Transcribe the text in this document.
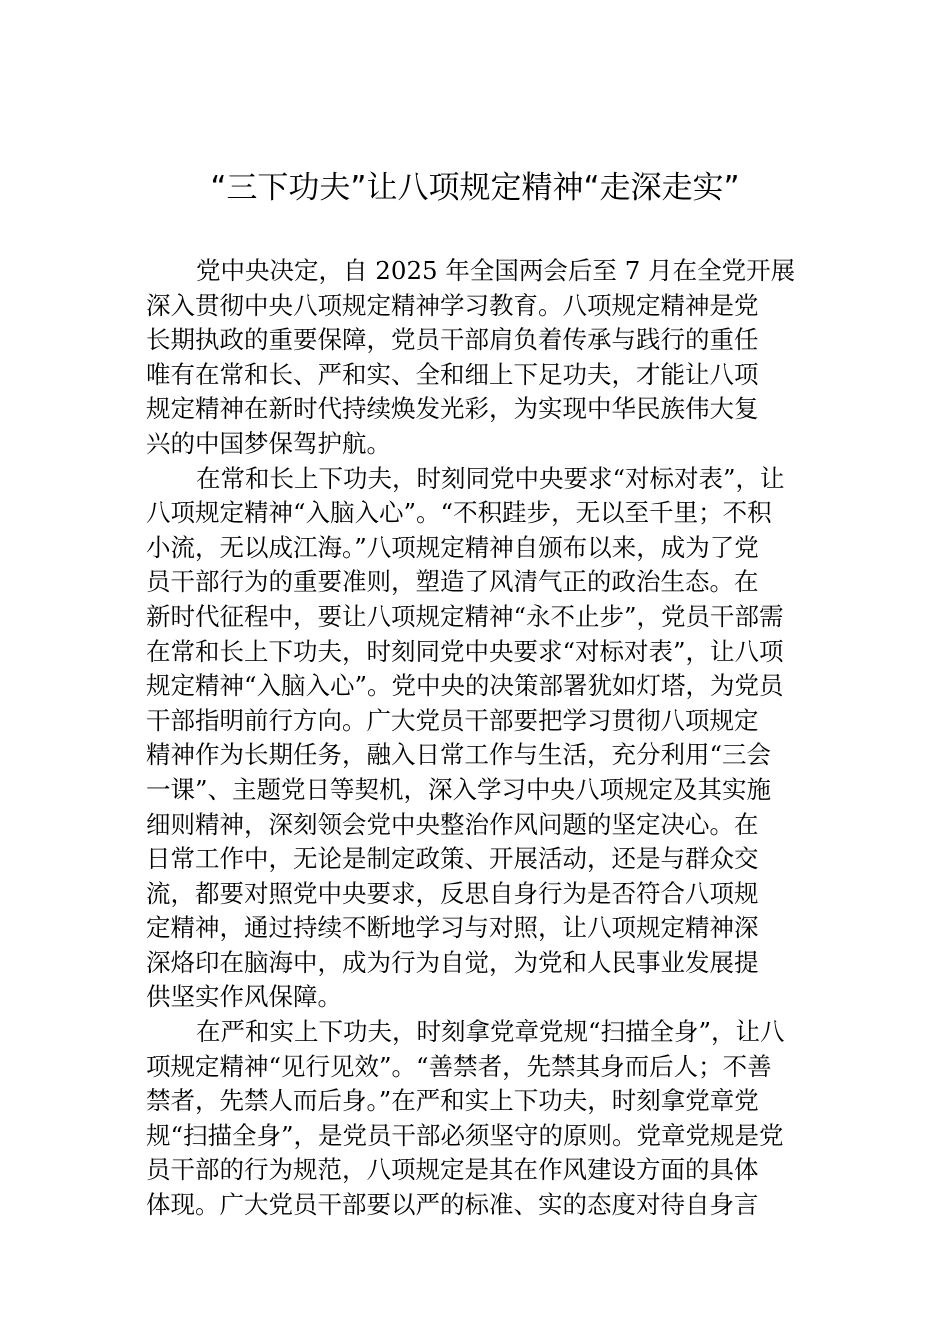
“三下功夫”让八项规定精神“走深走实”
党中央决定，自 2025 年全国两会后至 7 月在全党开展
深入贯彻中央八项规定精神学习教育。八项规定精神是党
长期执政的重要保障，党员干部肩负着传承与践行的重任
唯有在常和长、严和实、全和细上下足功夫，才能让八项
规定精神在新时代持续焕发光彩，为实现中华民族伟大复
兴的中国梦保驾护航。
在常和长上下功夫，时刻同党中央要求“对标对表”，让
八项规定精神“入脑入心”。“不积跬步，无以至千里；不积
小流，无以成江海。”八项规定精神自颁布以来，成为了党
员干部行为的重要准则，塑造了风清气正的政治生态。在
新时代征程中，要让八项规定精神“永不止步”，党员干部需
在常和长上下功夫，时刻同党中央要求“对标对表”，让八项
规定精神“入脑入心”。党中央的决策部署犹如灯塔，为党员
干部指明前行方向。广大党员干部要把学习贯彻八项规定
精神作为长期任务，融入日常工作与生活，充分利用“三会
一课”、主题党日等契机，深入学习中央八项规定及其实施
细则精神，深刻领会党中央整治作风问题的坚定决心。在
日常工作中，无论是制定政策、开展活动，还是与群众交
流，都要对照党中央要求，反思自身行为是否符合八项规
定精神，通过持续不断地学习与对照，让八项规定精神深
深烙印在脑海中，成为行为自觉，为党和人民事业发展提
供坚实作风保障。
在严和实上下功夫，时刻拿党章党规“扫描全身”，让八
项规定精神“见行见效”。“善禁者，先禁其身而后人；不善
禁者，先禁人而后身。”在严和实上下功夫，时刻拿党章党
规“扫描全身”，是党员干部必须坚守的原则。党章党规是党
员干部的行为规范，八项规定是其在作风建设方面的具体
体现。广大党员干部要以严的标准、实的态度对待自身言
